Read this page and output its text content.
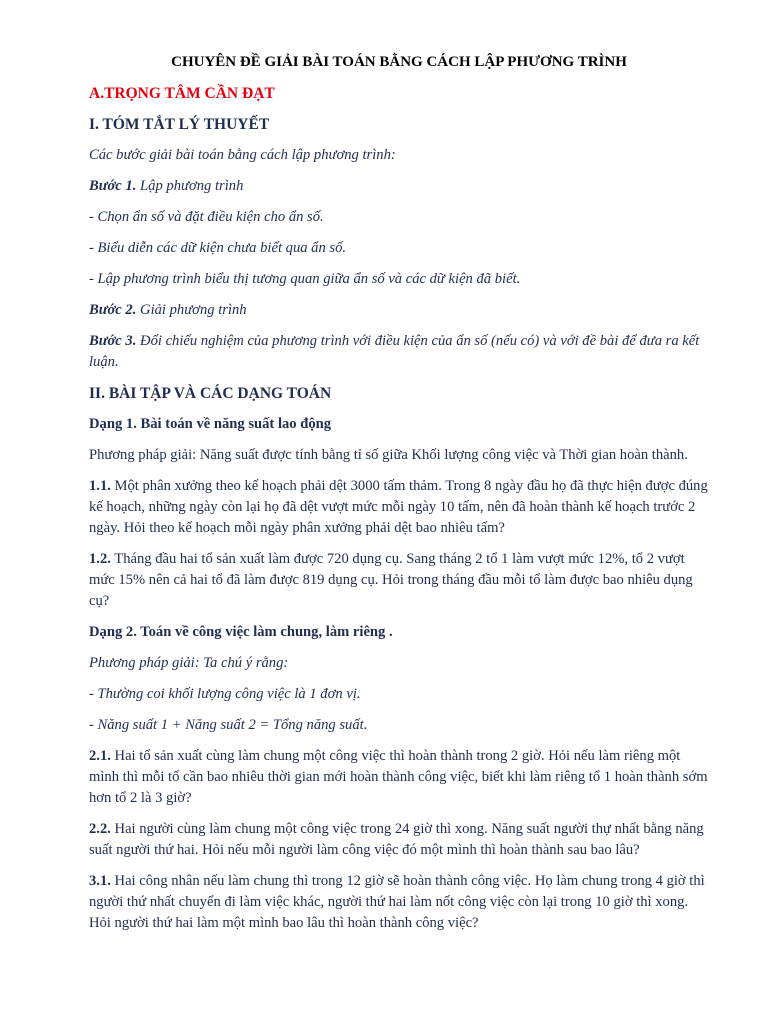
CHUYÊN ĐỀ GIẢI BÀI TOÁN BẰNG CÁCH LẬP PHƯƠNG TRÌNH
A.TRỌNG TÂM CẦN ĐẠT
I. TÓM TẮT LÝ THUYẾT

Các bước giải bài toán bằng cách lập phương trình:

Bước 1. Lập phương trình

- Chọn ẩn số và đặt điều kiện cho ẩn số.

- Biểu diễn các dữ kiện chưa biết qua ẩn số.

- Lập phương trình biểu thị tương quan giữa ẩn số và các dữ kiện đã biết.

Bước 2. Giải phương trình

Bước 3. Đối chiếu nghiệm của phương trình với điều kiện của ẩn số (nếu có) và với đề bài để đưa ra kết luận.

II. BÀI TẬP VÀ CÁC DẠNG TOÁN

Dạng 1. Bài toán về năng suất lao động

Phương pháp giải: Năng suất được tính bằng tỉ số giữa Khối lượng công việc và Thời gian hoàn thành.

1.1. Một phân xưởng theo kế hoạch phải dệt 3000 tấm thảm. Trong 8 ngày đầu họ đã thực hiện được đúng kế hoạch, những ngày còn lại họ đã dệt vượt mức mỗi ngày 10 tấm, nên đã hoàn thành kế hoạch trước 2 ngày. Hỏi theo kế hoạch mỗi ngày phân xưởng phải dệt bao nhiêu tấm?

1.2. Tháng đầu hai tổ sản xuất làm được 720 dụng cụ. Sang tháng 2 tổ 1 làm vượt mức 12%, tổ 2 vượt mức 15% nên cả hai tổ đã làm được 819 dụng cụ. Hỏi trong tháng đầu mỗi tổ làm được bao nhiêu dụng cụ?

Dạng 2. Toán về công việc làm chung, làm riêng .

Phương pháp giải: Ta chú ý rằng:

- Thường coi khối lượng công việc là 1 đơn vị.

- Năng suất 1 + Năng suất 2 = Tổng năng suất.

2.1. Hai tổ sản xuất cùng làm chung một công việc thì hoàn thành trong 2 giờ. Hỏi nếu làm riêng một mình thì mỗi tổ cần bao nhiêu thời gian mới hoàn thành công việc, biết khi làm riêng tổ 1 hoàn thành sớm hơn tổ 2 là 3 giờ?

2.2. Hai người cùng làm chung một công việc trong 24 giờ thì xong. Năng suất người thự nhất bằng năng suất người thứ hai. Hỏi nếu mỗi người làm công việc đó một mình thì hoàn thành sau bao lâu?

3.1. Hai công nhân nếu làm chung thì trong 12 giờ sẽ hoàn thành công việc. Họ làm chung trong 4 giờ thì người thứ nhất chuyển đi làm việc khác, người thứ hai làm nốt công việc còn lại trong 10 giờ thì xong. Hỏi người thứ hai làm một mình bao lâu thì hoàn thành công việc?
